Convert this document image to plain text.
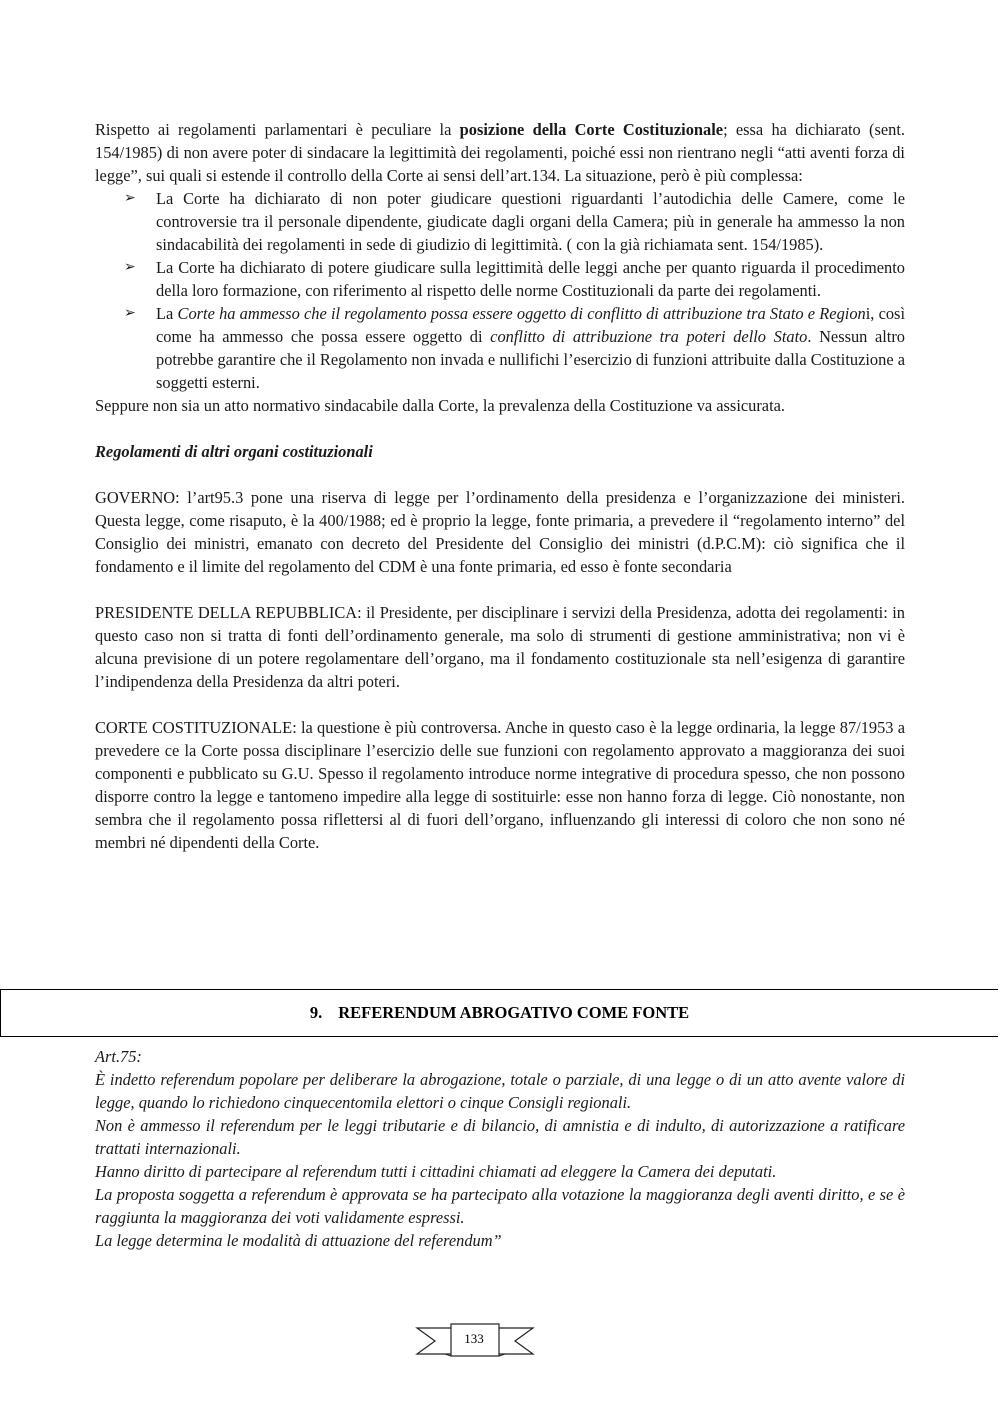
Rispetto ai regolamenti parlamentari è peculiare la posizione della Corte Costituzionale; essa ha dichiarato (sent. 154/1985) di non avere poter di sindacare la legittimità dei regolamenti, poiché essi non rientrano negli “atti aventi forza di legge”, sui quali si estende il controllo della Corte ai sensi dell’art.134. La situazione, però è più complessa:

➢	La Corte ha dichiarato di non poter giudicare questioni riguardanti l’autodichia delle Camere, come le controversie tra il personale dipendente, giudicate dagli organi della Camera; più in generale ha ammesso la non sindacabilità dei regolamenti in sede di giudizio di legittimità. ( con la già richiamata sent. 154/1985).
➢	La Corte ha dichiarato di potere giudicare sulla legittimità delle leggi anche per quanto riguarda il procedimento della loro formazione, con riferimento al rispetto delle norme Costituzionali da parte dei regolamenti.
➢	La Corte ha ammesso che il regolamento possa essere oggetto di conflitto di attribuzione tra Stato e Regioni, così come ha ammesso che possa essere oggetto di conflitto di attribuzione tra poteri dello Stato. Nessun altro potrebbe garantire che il Regolamento non invada e nullifichi l’esercizio di funzioni attribuite dalla Costituzione a soggetti esterni.

Seppure non sia un atto normativo sindacabile dalla Corte, la prevalenza della Costituzione va assicurata.

Regolamenti di altri organi costituzionali

GOVERNO: l’art95.3 pone una riserva di legge per l’ordinamento della presidenza e l’organizzazione dei ministeri. Questa legge, come risaputo, è la 400/1988; ed è proprio la legge, fonte primaria, a prevedere il “regolamento interno” del Consiglio dei ministri, emanato con decreto del Presidente del Consiglio dei ministri (d.P.C.M): ciò significa che il fondamento e il limite del regolamento del CDM è una fonte primaria, ed esso è fonte secondaria

PRESIDENTE DELLA REPUBBLICA: il Presidente, per disciplinare i servizi della Presidenza, adotta dei regolamenti: in questo caso non si tratta di fonti dell’ordinamento generale, ma solo di strumenti di gestione amministrativa; non vi è alcuna previsione di un potere regolamentare dell’organo, ma il fondamento costituzionale sta nell’esigenza di garantire l’indipendenza della Presidenza da altri poteri.

CORTE COSTITUZIONALE: la questione è più controversa. Anche in questo caso è la legge ordinaria, la legge 87/1953 a prevedere ce la Corte possa disciplinare l’esercizio delle sue funzioni con regolamento approvato a maggioranza dei suoi componenti e pubblicato su G.U. Spesso il regolamento introduce norme integrative di procedura spesso, che non possono disporre contro la legge e tantomeno impedire alla legge di sostituirle: esse non hanno forza di legge. Ciò nonostante, non sembra che il regolamento possa riflettersi al di fuori dell’organo, influenzando gli interessi di coloro che non sono né membri né dipendenti della Corte.

9. REFERENDUM ABROGATIVO COME FONTE

Art.75:

È indetto referendum popolare per deliberare la abrogazione, totale o parziale, di una legge o di un atto avente valore di legge, quando lo richiedono cinquecentomila elettori o cinque Consigli regionali.

Non è ammesso il referendum per le leggi tributarie e di bilancio, di amnistia e di indulto, di autorizzazione a ratificare trattati internazionali.

Hanno diritto di partecipare al referendum tutti i cittadini chiamati ad eleggere la Camera dei deputati.

La proposta soggetta a referendum è approvata se ha partecipato alla votazione la maggioranza degli aventi diritto, e se è raggiunta la maggioranza dei voti validamente espressi.

La legge determina le modalità di attuazione del referendum”

133
